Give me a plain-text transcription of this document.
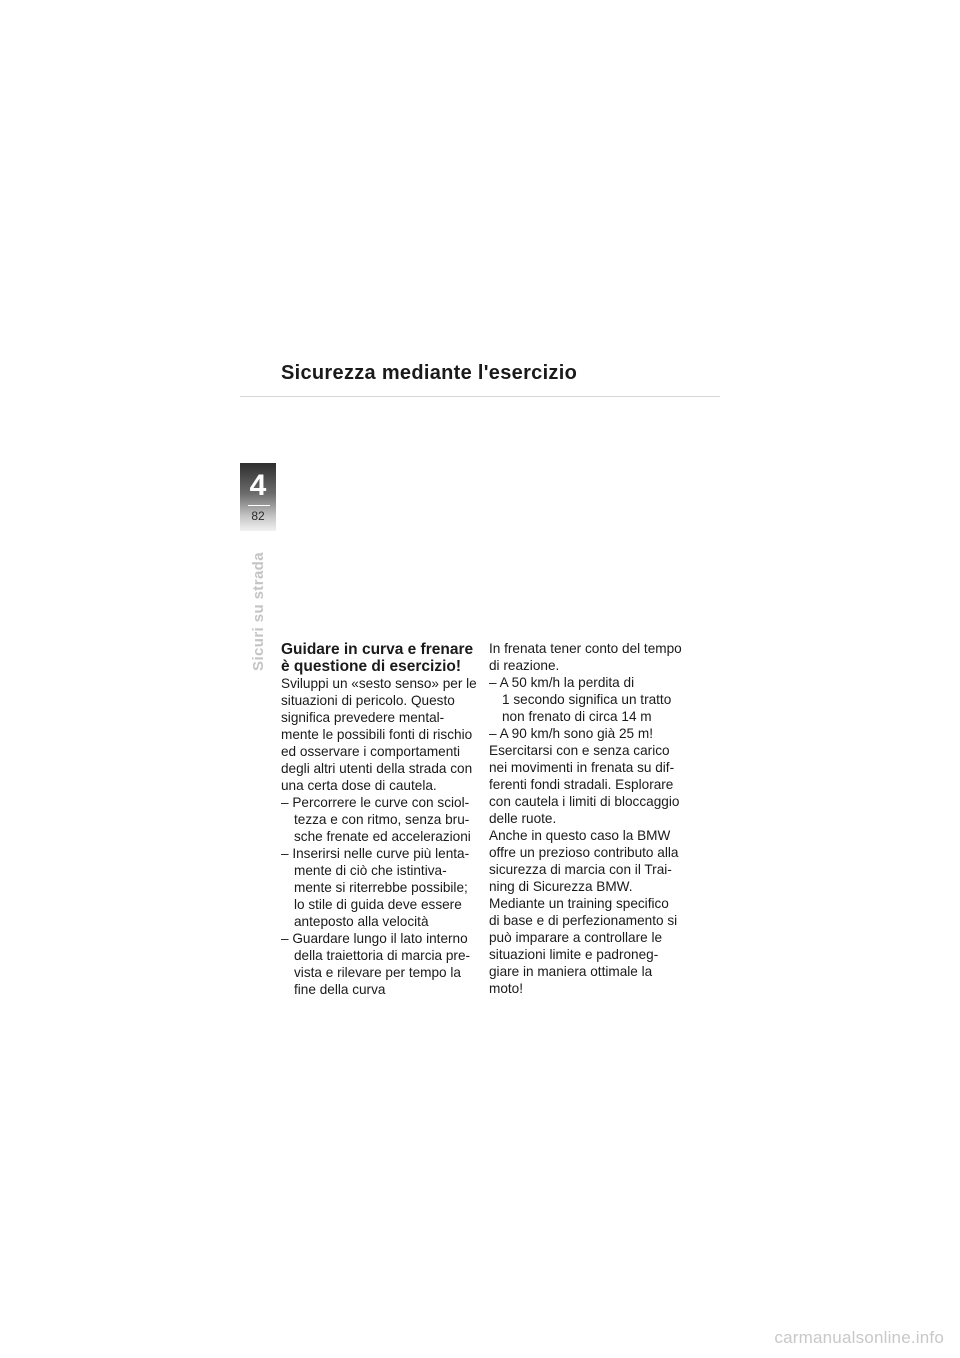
Sicurezza mediante l'esercizio
4
82
Sicuri su strada Guidare in curva e frenare
è questione di esercizio!
Sviluppi un «sesto senso» per le
situazioni di pericolo. Questo
significa prevedere mental-
mente le possibili fonti di rischio
ed osservare i comportamenti
degli altri utenti della strada con
una certa dose di cautela.
– Percorrere le curve con sciol-
tezza e con ritmo, senza bru-
sche frenate ed accelerazioni
– Inserirsi nelle curve più lenta-
mente di ciò che istintiva-
mente si riterrebbe possibile;
lo stile di guida deve essere
anteposto alla velocità
– Guardare lungo il lato interno
della traiettoria di marcia pre-
vista e rilevare per tempo la
fine della curva
In frenata tener conto del tempo
di reazione.
– A 50 km/h la perdita di
1 secondo significa un tratto
non frenato di circa 14 m
– A 90 km/h sono già 25 m!
Esercitarsi con e senza carico
nei movimenti in frenata su dif-
ferenti fondi stradali. Esplorare
con cautela i limiti di bloccaggio
delle ruote.
Anche in questo caso la BMW
offre un prezioso contributo alla
sicurezza di marcia con il Trai-
ning di Sicurezza BMW.
Mediante un training specifico
di base e di perfezionamento si
può imparare a controllare le
situazioni limite e padroneg-
giare in maniera ottimale la
moto!
carmanualsonline.info
